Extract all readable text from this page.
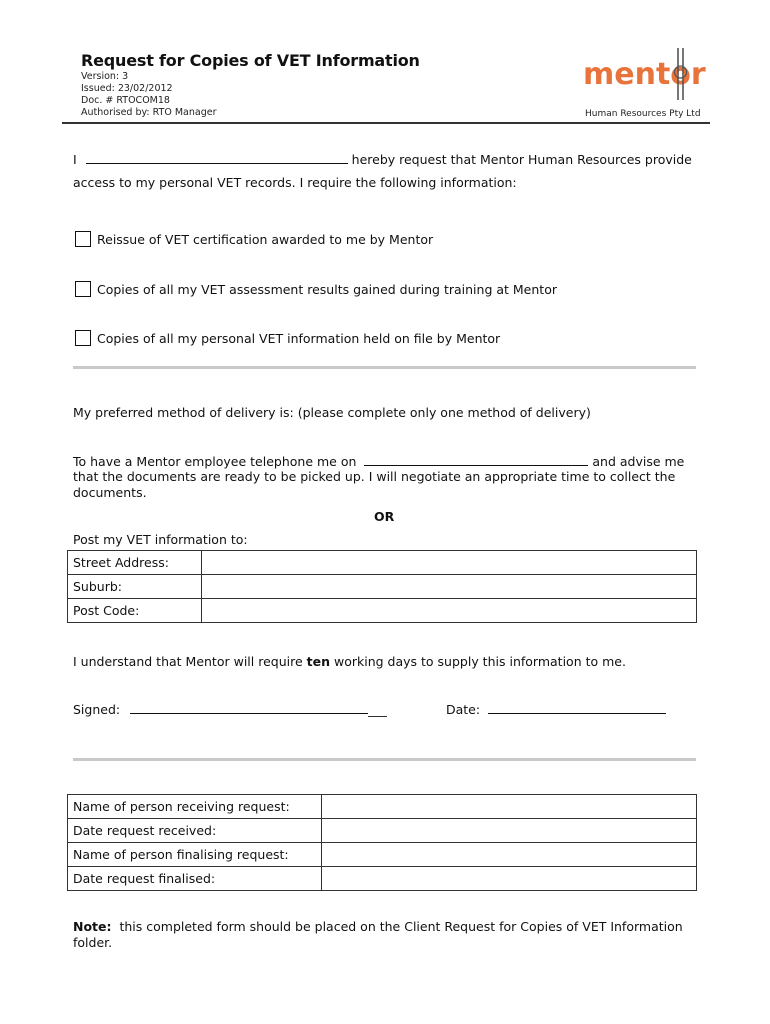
Request for Copies of VET Information
Version: 3
Issued: 23/02/2012
Doc. # RTOCOM18
Authorised by: RTO Manager
mentor
Human Resources Pty Ltd
I	hereby request that Mentor Human Resources provide
access to my personal VET records. I require the following information:
Reissue of VET certification awarded to me by Mentor
Copies of all my VET assessment results gained during training at Mentor
Copies of all my personal VET information held on file by Mentor
My preferred method of delivery is: (please complete only one method of delivery)
To have a Mentor employee telephone me on	and advise me
that the documents are ready to be picked up. I will negotiate an appropriate time to collect the
documents.
OR
Post my VET information to:
Street Address:	
Suburb:	
Post Code:	
I understand that Mentor will require ten working days to supply this information to me.
Signed:	___	Date:
Name of person receiving request:	
Date request received:	
Name of person finalising request:	
Date request finalised:	
Note:  this completed form should be placed on the Client Request for Copies of VET Information
folder.
